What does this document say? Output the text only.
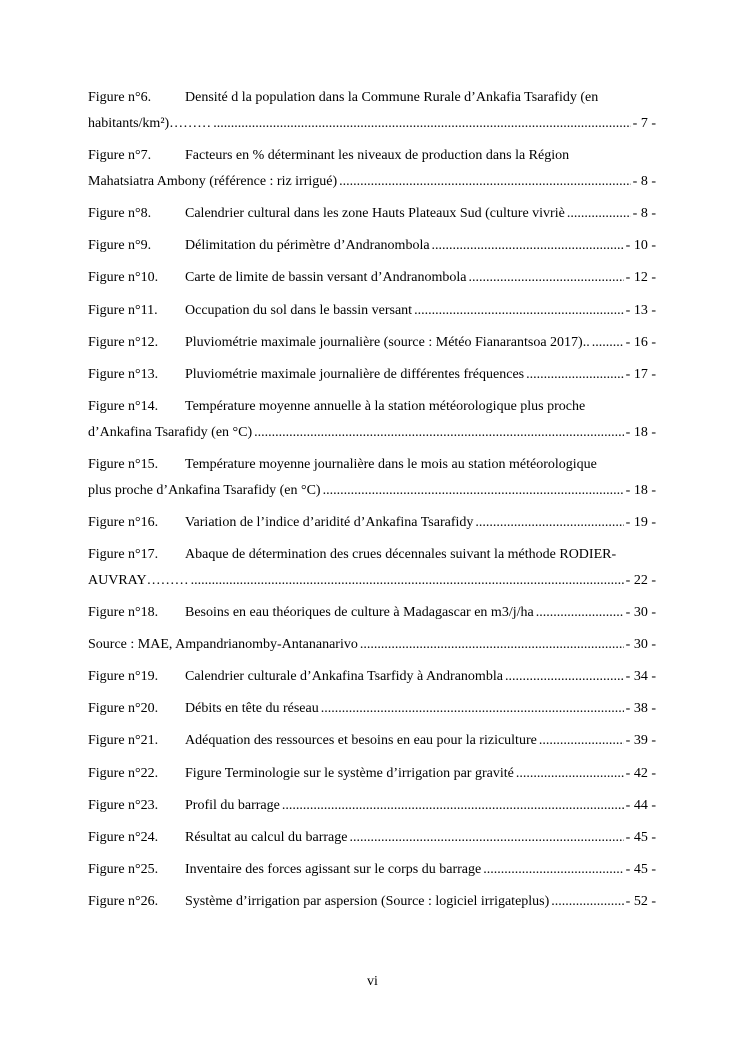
Figure n°6. Densité d la population dans la Commune Rurale d’Ankafia Tsarafidy (en
habitants/km²)……… .....	- 7 -
Figure n°7. Facteurs en % déterminant les niveaux de production dans la Région
Mahatsiatra Ambony (référence : riz irrigué) .....	- 8 -
Figure n°8. Calendrier cultural dans les zone Hauts Plateaux Sud (culture vivriè .....	- 8 -
Figure n°9. Délimitation du périmètre d’Andranombola .....	- 10 -
Figure n°10. Carte de limite de bassin versant d’Andranombola .....	- 12 -
Figure n°11. Occupation du sol dans le bassin versant .....	- 13 -
Figure n°12. Pluviométrie maximale journalière (source : Météo Fianarantsoa 2017).. .....	- 16 -
Figure n°13. Pluviométrie maximale journalière de différentes fréquences .....	- 17 -
Figure n°14. Température moyenne annuelle à la station météorologique plus proche
d’Ankafina Tsarafidy (en °C) .....	- 18 -
Figure n°15. Température moyenne journalière dans le mois au station météorologique
plus proche d’Ankafina Tsarafidy (en °C) .....	- 18 -
Figure n°16. Variation de l’indice d’aridité d’Ankafina Tsarafidy .....	- 19 -
Figure n°17. Abaque de détermination des crues décennales suivant la méthode RODIER-
AUVRAY……… .....	- 22 -
Figure n°18. Besoins en eau théoriques de culture à Madagascar en m3/j/ha .....	- 30 -
Source : MAE, Ampandrianomby-Antananarivo .....	- 30 -
Figure n°19. Calendrier culturale d’Ankafina Tsarfidy à Andranombla .....	- 34 -
Figure n°20. Débits en tête du réseau .....	- 38 -
Figure n°21. Adéquation des ressources et besoins en eau pour la riziculture .....	- 39 -
Figure n°22. Figure Terminologie sur le système d’irrigation par gravité .....	- 42 -
Figure n°23. Profil du barrage .....	- 44 -
Figure n°24. Résultat au calcul du barrage .....	- 45 -
Figure n°25. Inventaire des forces agissant sur le corps du barrage .....	- 45 -
Figure n°26. Système d’irrigation par aspersion (Source : logiciel irrigateplus) .....	- 52 -
vi
